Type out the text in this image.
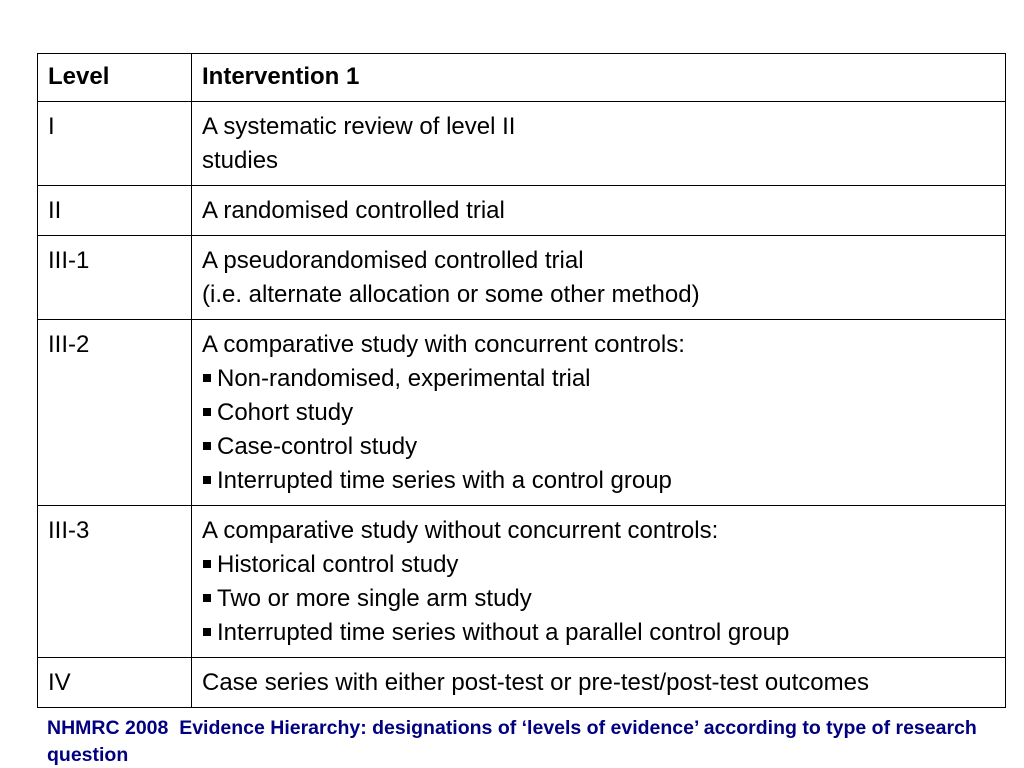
Level	Intervention 1
I	A systematic review of level II
studies

II	A randomised controlled trial

III-1	A pseudorandomised controlled trial
(i.e. alternate allocation or some other method)

III-2	A comparative study with concurrent controls:
Non-randomised, experimental trial
Cohort study
Case-control study
Interrupted time series with a control group

III-3	A comparative study without concurrent controls:
Historical control study
Two or more single arm study
Interrupted time series without a parallel control group

IV	Case series with either post-test or pre-test/post-test outcomes
NHMRC 2008  Evidence Hierarchy: designations of ‘levels of evidence’ according to type of research question
